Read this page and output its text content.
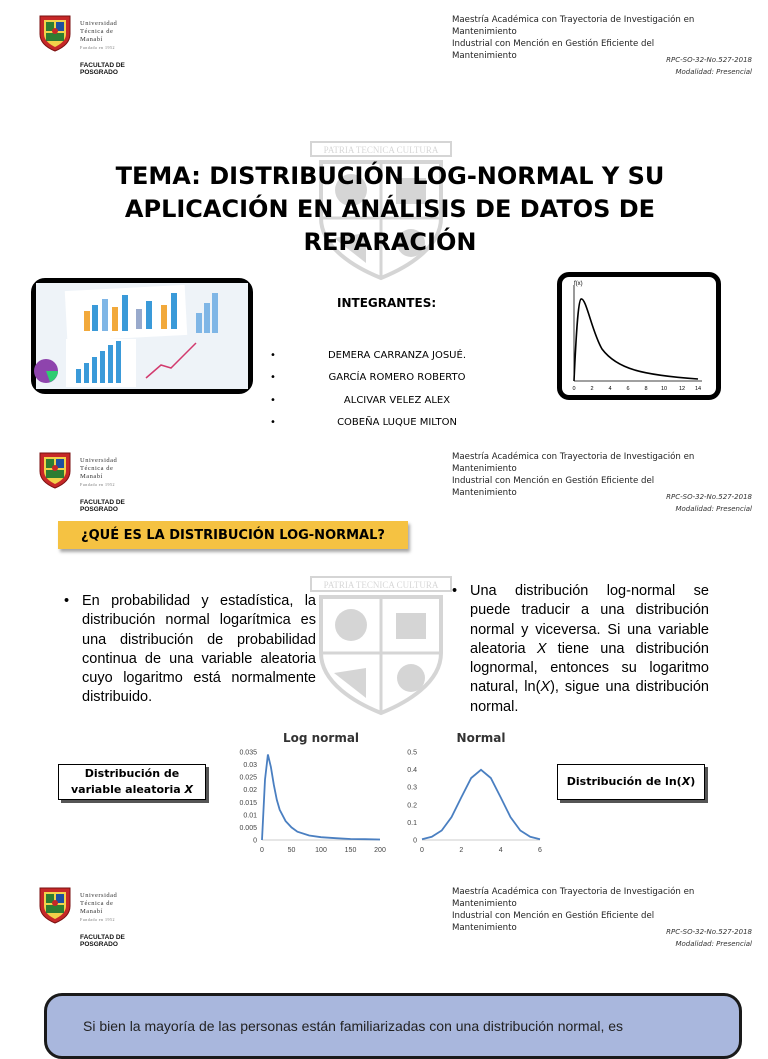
Universidad
Técnica de
Manabí
Fundada en 1952
FACULTAD DE
POSGRADO
Maestría Académica con Trayectoria de Investigación en Mantenimiento
Industrial con Mención en Gestión Eficiente del
Mantenimiento	RPC-SO-32-No.527-2018
Modalidad: Presencial
PATRIA TECNICA CULTURA
TEMA: DISTRIBUCIÓN LOG-NORMAL Y SU APLICACIÓN EN ANÁLISIS DE DATOS DE REPARACIÓN
INTEGRANTES:
•	DEMERA CARRANZA JOSUÉ.
•	GARCÍA ROMERO ROBERTO
•	ALCIVAR VELEZ ALEX
•	COBEÑA LUQUE MILTON
f(x)
0	2	4	6	8 10 12 14
Universidad
Técnica de
Manabí
Fundada en 1952
FACULTAD DE
POSGRADO
Maestría Académica con Trayectoria de Investigación en Mantenimiento
Industrial con Mención en Gestión Eficiente del
Mantenimiento	RPC-SO-32-No.527-2018
Modalidad: Presencial
PATRIA TECNICA CULTURA
¿QUÉ ES LA DISTRIBUCIÓN LOG-NORMAL?
• En probabilidad y estadística, la distribución normal logarítmica es una distribución de probabilidad continua de una variable aleatoria cuyo logaritmo está normalmente distribuido.

• Una distribución log-normal se puede traducir a una distribución normal y viceversa. Si una variable aleatoria X tiene una distribución lognormal, entonces su logaritmo natural, ln(X), sigue una distribución normal.

Distribución de
variable aleatoria X
Distribución de ln(X)
Log normal
0
0.005
0.01
0.015
0.02
0.025
0.03
0.035
0	50	100	150	200
Normal
0
0.1
0.2
0.3
0.4
0.5
0	2	4	6
Universidad
Técnica de
Manabí
Fundada en 1952
FACULTAD DE
POSGRADO
Maestría Académica con Trayectoria de Investigación en Mantenimiento
Industrial con Mención en Gestión Eficiente del
Mantenimiento	RPC-SO-32-No.527-2018
Modalidad: Presencial
Si bien la mayoría de las personas están familiarizadas con una distribución normal, es
